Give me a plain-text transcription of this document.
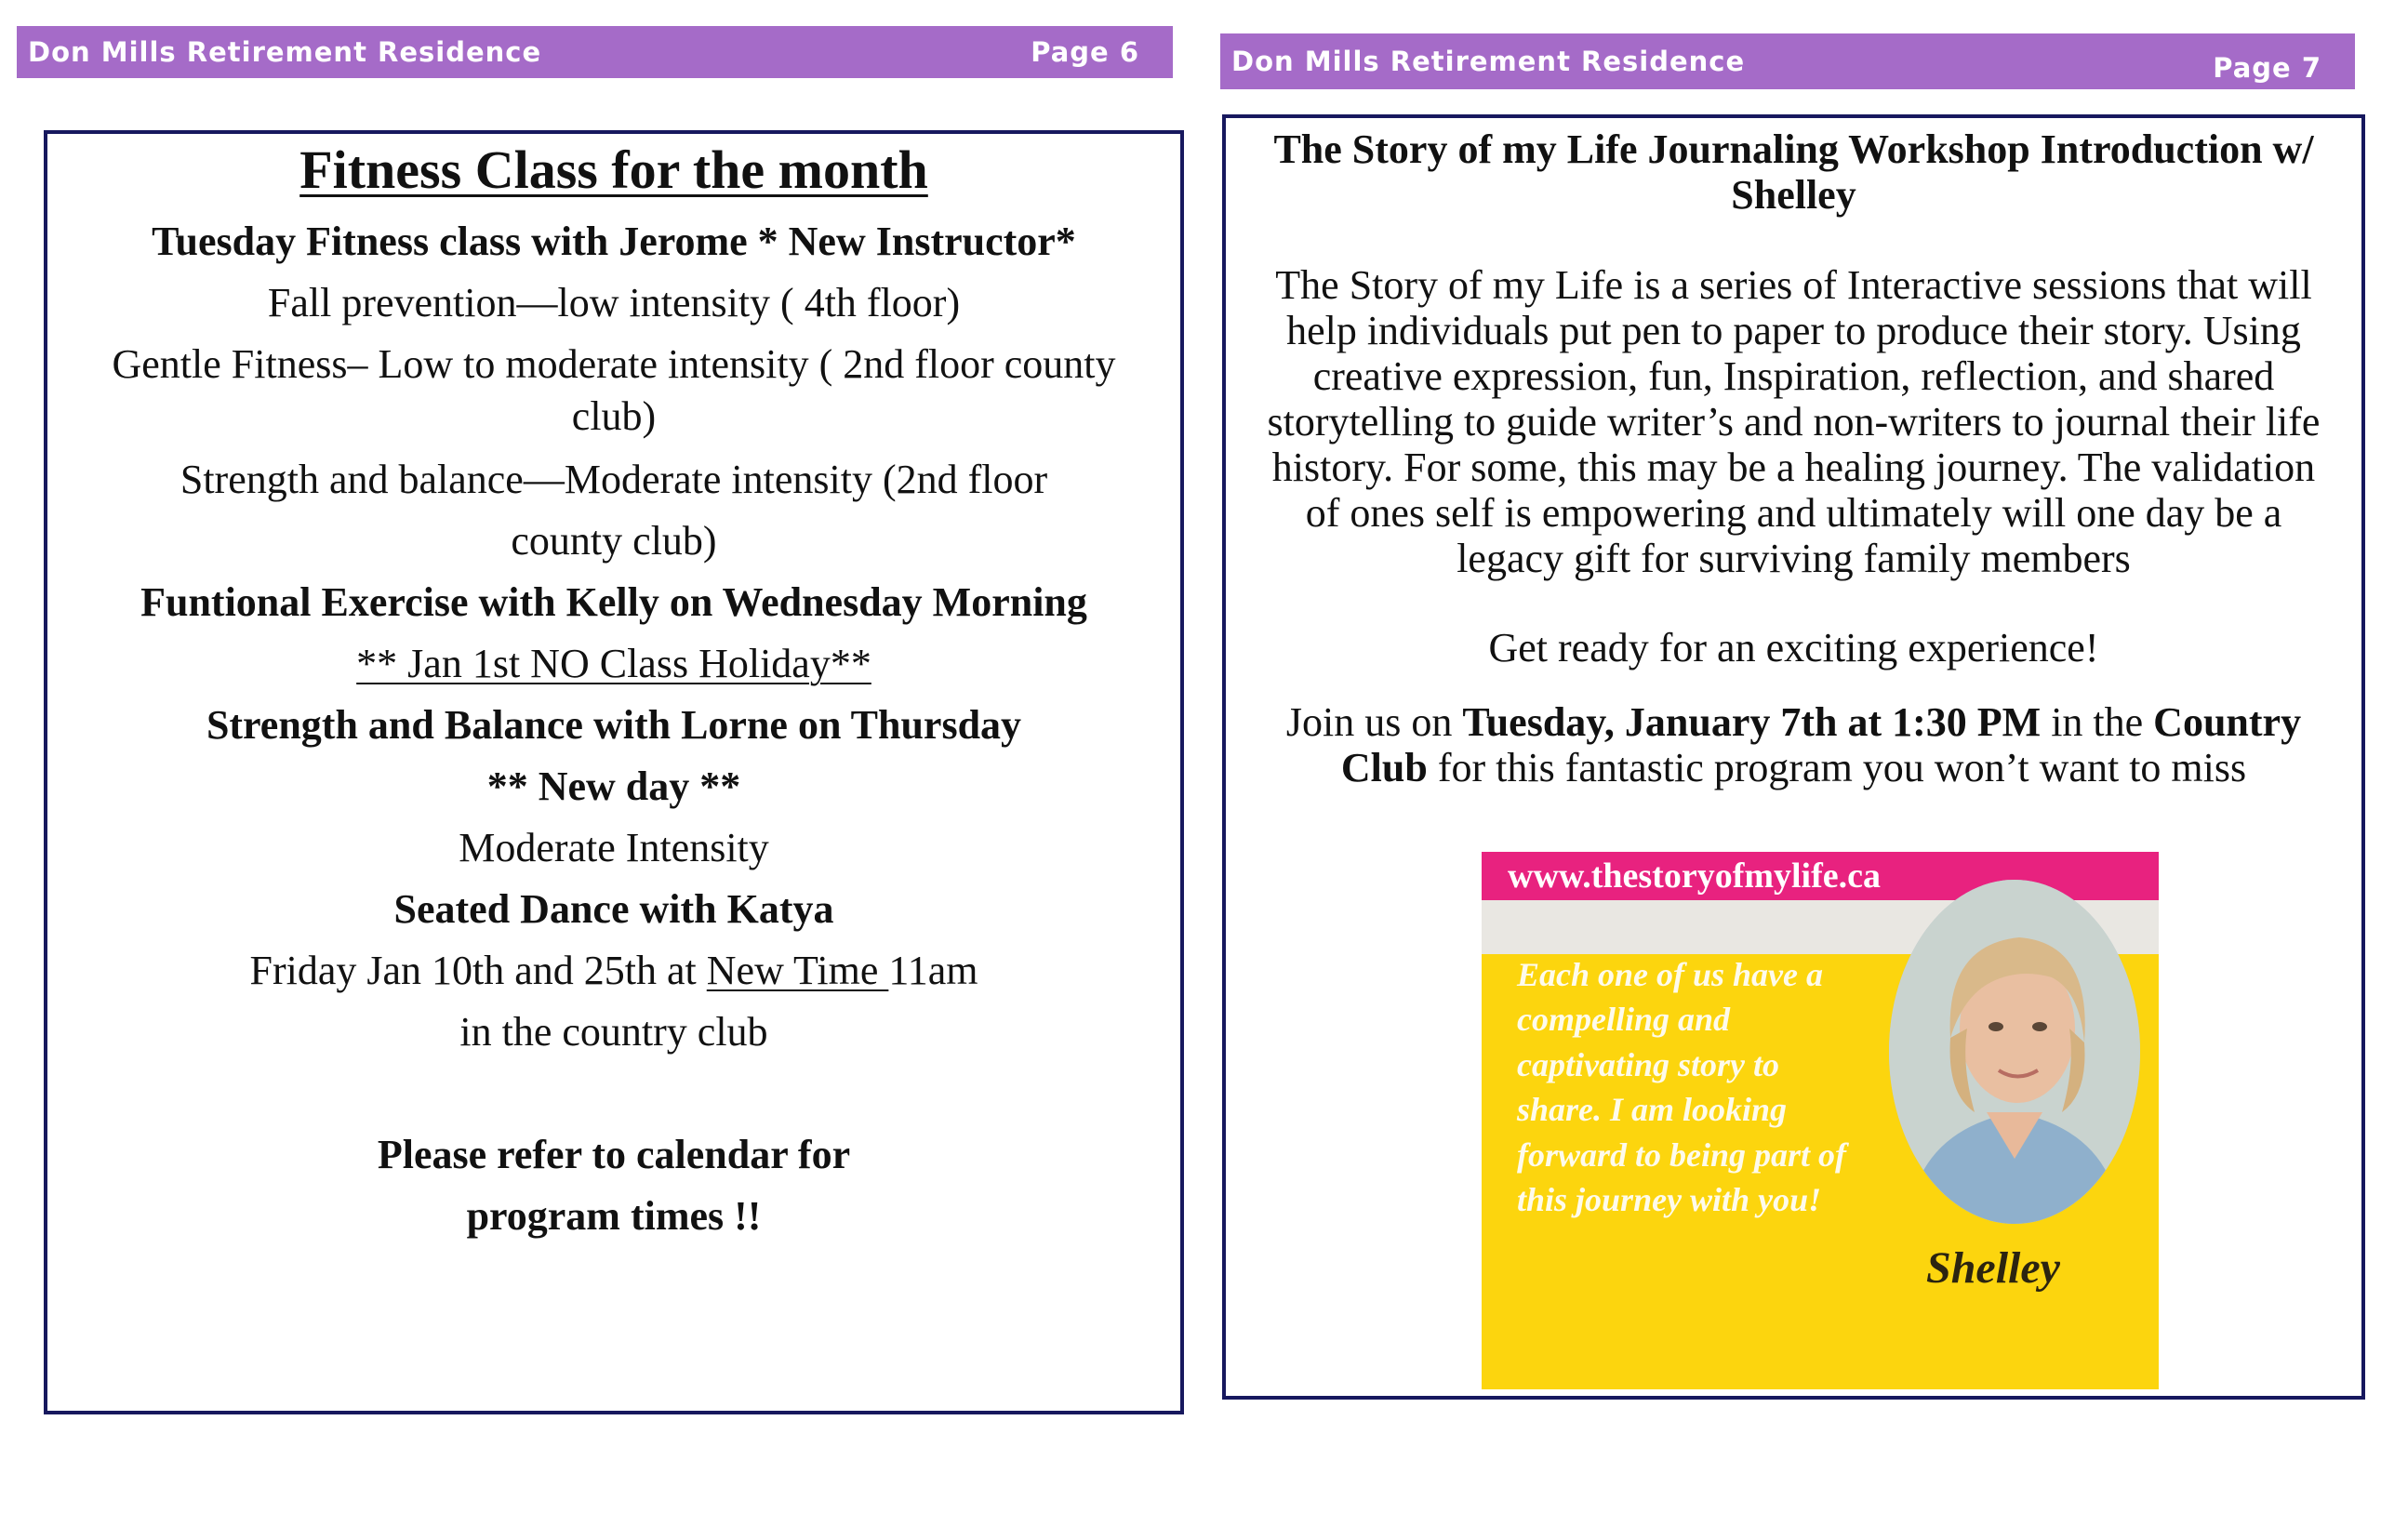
Don Mills Retirement Residence	Page 6
Fitness Class for the month
Tuesday Fitness class with Jerome * New Instructor*
Fall prevention—low intensity ( 4th floor)
Gentle Fitness– Low to moderate intensity ( 2nd floor county
club)
Strength and balance—Moderate intensity (2nd floor
county club)
Funtional Exercise with Kelly on Wednesday Morning
** Jan 1st NO Class Holiday**
Strength and Balance with Lorne on Thursday
** New day **
Moderate Intensity
Seated Dance with Katya
Friday Jan 10th and 25th at New Time 11am
in the country club
Please refer to calendar for
program times !!
Don Mills Retirement Residence	Page 7
The Story of my Life Journaling Workshop Introduction w/
Shelley
The Story of my Life is a series of Interactive sessions that will
help individuals put pen to paper to produce their story. Using
creative expression, fun, Inspiration, reflection, and shared
storytelling to guide writer’s and non-writers to journal their life
history. For some, this may be a healing journey. The validation
of ones self is empowering and ultimately will one day be a
legacy gift for surviving family members
Get ready for an exciting experience!
Join us on Tuesday, January 7th at 1:30 PM in the Country
Club for this fantastic program you won’t want to miss
www.thestoryofmylife.ca
Each one of us have a
compelling and
captivating story to
share. I am looking
forward to being part of
this journey with you!
Shelley
